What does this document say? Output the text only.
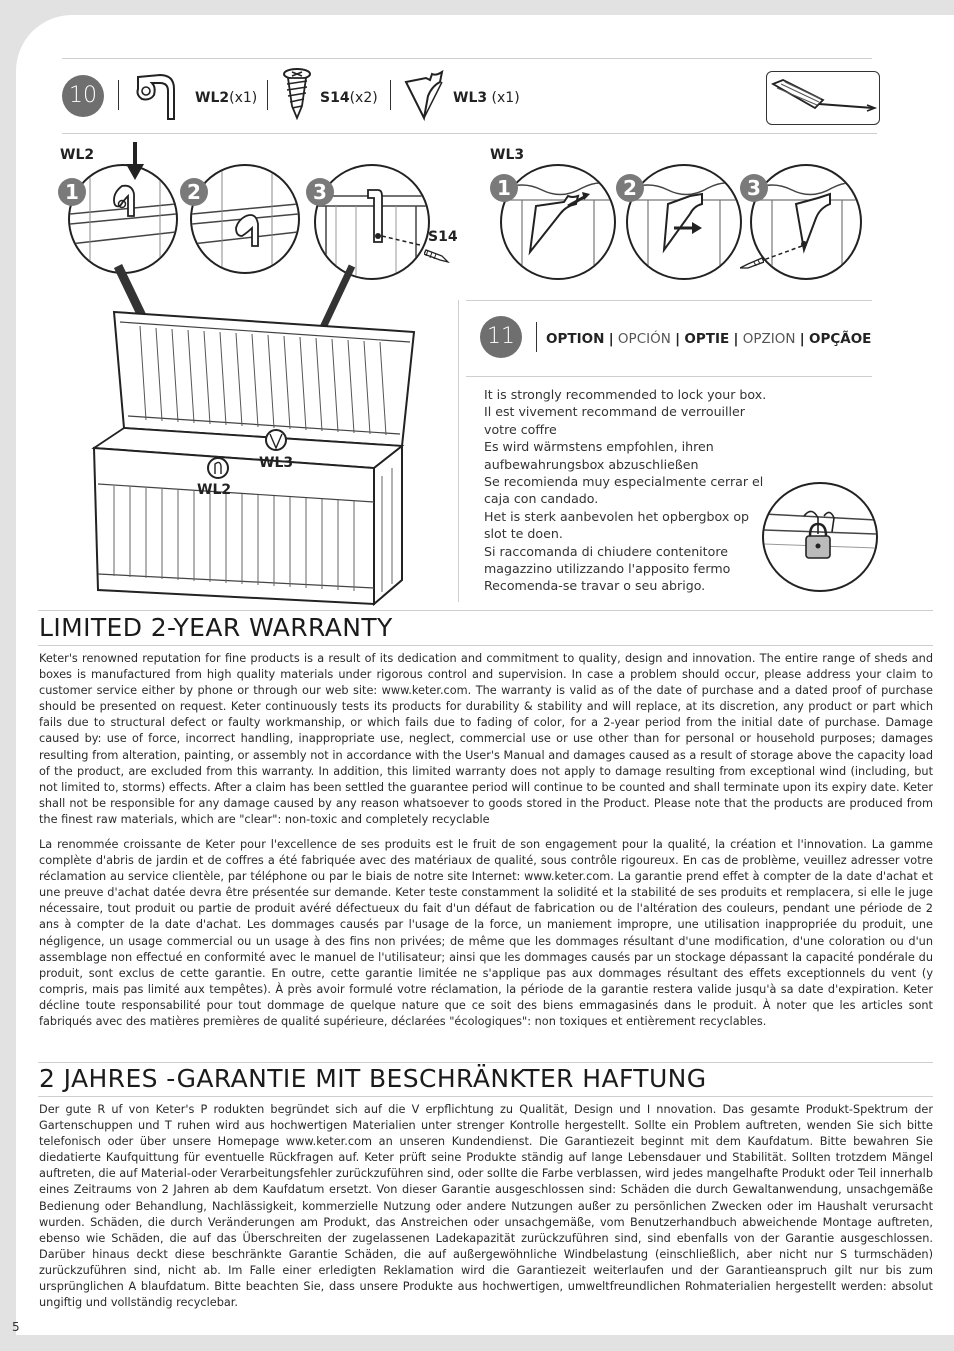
10	WL2(x1)	S14(x2)	WL3 (x1)
WL2	WL3
1	2	3
S14
1	2	3
WL3
WL2
11	OPTION | OPCIÓN | OPTIE | OPZION | OPÇÃOE
It is strongly recommended to lock your box.
Il est vivement recommand de verrouiller
votre coffre
Es wird wärmstens empfohlen, ihren
aufbewahrungsbox abzuschließen
Se recomienda muy especialmente cerrar el
caja con candado.
Het is sterk aanbevolen het opbergbox op
slot te doen.
Si raccomanda di chiudere contenitore
magazzino utilizzando l'apposito fermo
Recomenda-se travar o seu abrigo.
LIMITED 2-YEAR WARRANTY

Keter's renowned reputation for fine products is a result of its dedication and commitment to quality, design and innovation. The entire range of sheds and boxes is manufactured from high quality materials under rigorous control and supervision. In case a problem should occur, please address your claim to customer service either by phone or through our web site: www.keter.com. The warranty is valid as of the date of purchase and a dated proof of purchase should be presented on request. Keter continuously tests its products for durability & stability and will replace, at its discretion, any product or part which fails due to structural defect or faulty workmanship, or which fails due to fading of color, for a 2-year period from the initial date of purchase. Damage caused by: use of force, incorrect handling, inappropriate use, neglect, commercial use or use other than for personal or household purposes; damages resulting from alteration, painting, or assembly not in accordance with the User's Manual and damages caused as a result of storage above the capacity load of the product, are excluded from this warranty. In addition, this limited warranty does not apply to damage resulting from exceptional wind (including, but not limited to, storms) effects. After a claim has been settled the guarantee period will continue to be counted and shall terminate upon its expiry date. Keter shall not be responsible for any damage caused by any reason whatsoever to goods stored in the Product. Please note that the products are produced from the finest raw materials, which are "clear": non-toxic and completely recyclable

La renommée croissante de Keter pour l'excellence de ses produits est le fruit de son engagement pour la qualité, la création et l'innovation. La gamme complète d'abris de jardin et de coffres a été fabriquée avec des matériaux de qualité, sous contrôle rigoureux. En cas de problème, veuillez adresser votre réclamation au service clientèle, par téléphone ou par le biais de notre site Internet: www.keter.com. La garantie prend effet à compter de la date d'achat et une preuve d'achat datée devra être présentée sur demande. Keter teste constamment la solidité et la stabilité de ses produits et remplacera, si elle le juge nécessaire, tout produit ou partie de produit avéré défectueux du fait d'un défaut de fabrication ou de l'altération des couleurs, pendant une période de 2 ans à compter de la date d'achat. Les dommages causés par l'usage de la force, un maniement impropre, une utilisation inappropriée du produit, une négligence, un usage commercial ou un usage à des fins non privées; de même que les dommages résultant d'une modification, d'une coloration ou d'un assemblage non effectué en conformité avec le manuel de l'utilisateur; ainsi que les dommages causés par un stockage dépassant la capacité pondérale du produit, sont exclus de cette garantie. En outre, cette garantie limitée ne s'applique pas aux dommages résultant des effets exceptionnels du vent (y compris, mais pas limité aux tempêtes). À près avoir formulé votre réclamation, la période de la garantie restera valide jusqu'à sa date d'expiration. Keter décline toute responsabilité pour tout dommage de quelque nature que ce soit des biens emmagasinés dans le produit. À noter que les articles sont fabriqués avec des matières premières de qualité supérieure, déclarées "écologiques": non toxiques et entièrement recyclables.

2 JAHRES -GARANTIE MIT BESCHRÄNKTER HAFTUNG

Der gute R uf von Keter's P rodukten begründet sich auf die V erpflichtung zu Qualität, Design und I nnovation. Das gesamte Produkt-Spektrum der Gartenschuppen und T ruhen wird aus hochwertigen Materialien unter strenger Kontrolle hergestellt. Sollte ein Problem auftreten, wenden Sie sich bitte telefonisch oder über unsere Homepage www.keter.com an unseren Kundendienst. Die Garantiezeit beginnt mit dem Kaufdatum. Bitte bewahren Sie diedatierte Kaufquittung für eventuelle Rückfragen auf. Keter prüft seine Produkte ständig auf lange Lebensdauer und Stabilität. Sollten trotzdem Mängel auftreten, die auf Material-oder Verarbeitungsfehler zurückzuführen sind, oder sollte die Farbe verblassen, wird jedes mangelhafte Produkt oder Teil innerhalb eines Zeitraums von 2 Jahren ab dem Kaufdatum ersetzt. Von dieser Garantie ausgeschlossen sind: Schäden die durch Gewaltanwendung, unsachgemäße Bedienung oder Behandlung, Nachlässigkeit, kommerzielle Nutzung oder andere Nutzungen außer zu persönlichen Zwecken oder im Haushalt verursacht wurden. Schäden, die durch Veränderungen am Produkt, das Anstreichen oder unsachgemäße, vom Benutzerhandbuch abweichende Montage auftreten, ebenso wie Schäden, die auf das Überschreiten der zugelassenen Ladekapazität zurückzuführen sind, sind ebenfalls von der Garantie ausgeschlossen. Darüber hinaus deckt diese beschränkte Garantie Schäden, die auf außergewöhnliche Windbelastung (einschließlich, aber nicht nur S turmschäden) zurückzuführen sind, nicht ab. Im Falle einer erledigten Reklamation wird die Garantiezeit weiterlaufen und der Garantieanspruch gilt nur bis zum ursprünglichen A blaufdatum. Bitte beachten Sie, dass unsere Produkte aus hochwertigen, umweltfreundlichen Rohmaterialien hergestellt werden: absolut ungiftig und vollständig recyclebar.

5
